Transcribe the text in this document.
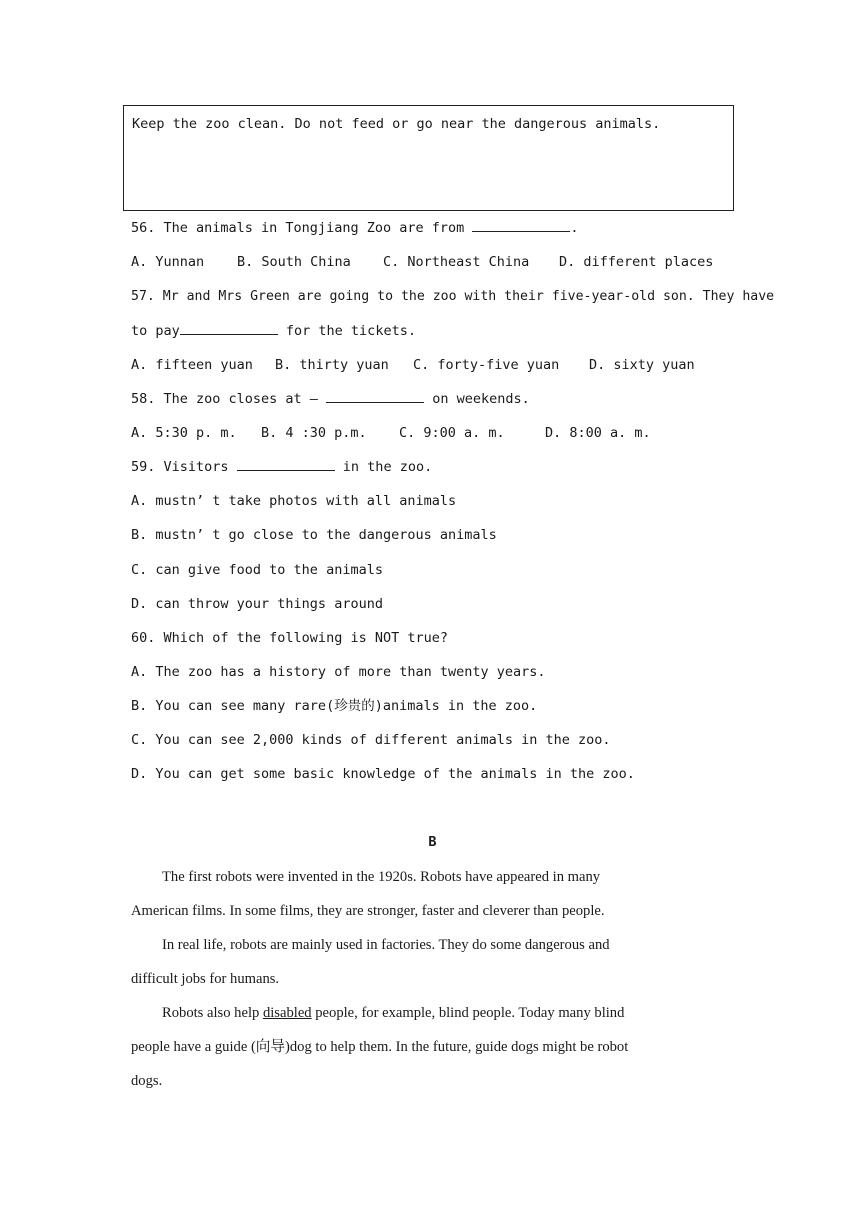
Keep the zoo clean. Do not feed or go near the dangerous animals.
56. The animals in Tongjiang Zoo are from	.
A. Yunnan B. South China C. Northeast China D. different places
57. Mr and Mrs Green are going to the zoo with their five-year-old son. They have
to pay	for the tickets.
A. fifteen yuan B. thirty yuan C. forty-five yuan D. sixty yuan
58. The zoo closes at —	on weekends.
A. 5:30 p. m. B. 4 :30 p.m. C. 9:00 a. m.	D. 8:00 a. m.
59. Visitors	in the zoo.
A. mustn’ t take photos with all animals
B. mustn’ t go close to the dangerous animals
C. can give food to the animals
D. can throw your things around
60. Which of the following is NOT true?
A. The zoo has a history of more than twenty years.
B. You can see many rare(珍贵的)animals in the zoo.
C. You can see 2,000 kinds of different animals in the zoo.
D. You can get some basic knowledge of the animals in the zoo.
B
The first robots were invented in the 1920s. Robots have appeared in many
American films. In some films, they are stronger, faster and cleverer than people.
In real life, robots are mainly used in factories. They do some dangerous and
difficult jobs for humans.
Robots also help disabled people, for example, blind people. Today many blind
people have a guide (向导)dog to help them. In the future, guide dogs might be robot
dogs.
